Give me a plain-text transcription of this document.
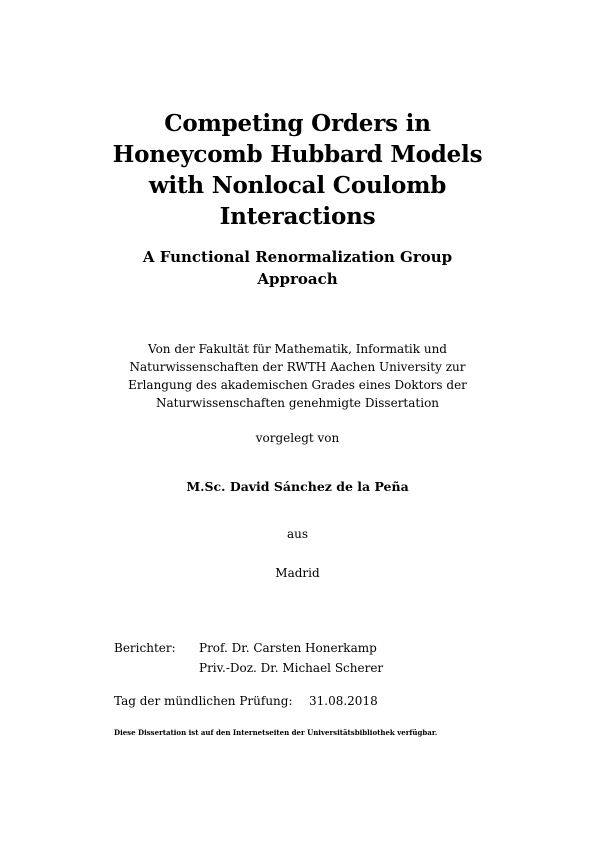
Competing Orders in
Honeycomb Hubbard Models
with Nonlocal Coulomb
Interactions
A Functional Renormalization Group
Approach
Von der Fakultät für Mathematik, Informatik und
Naturwissenschaften der RWTH Aachen University zur
Erlangung des akademischen Grades eines Doktors der
Naturwissenschaften genehmigte Dissertation
vorgelegt von
M.Sc. David Sánchez de la Peña
aus
Madrid
Berichter: Prof. Dr. Carsten Honerkamp
Priv.-Doz. Dr. Michael Scherer
Tag der mündlichen Prüfung: 31.08.2018
Diese Dissertation ist auf den Internetseiten der Universitätsbibliothek verfügbar.
